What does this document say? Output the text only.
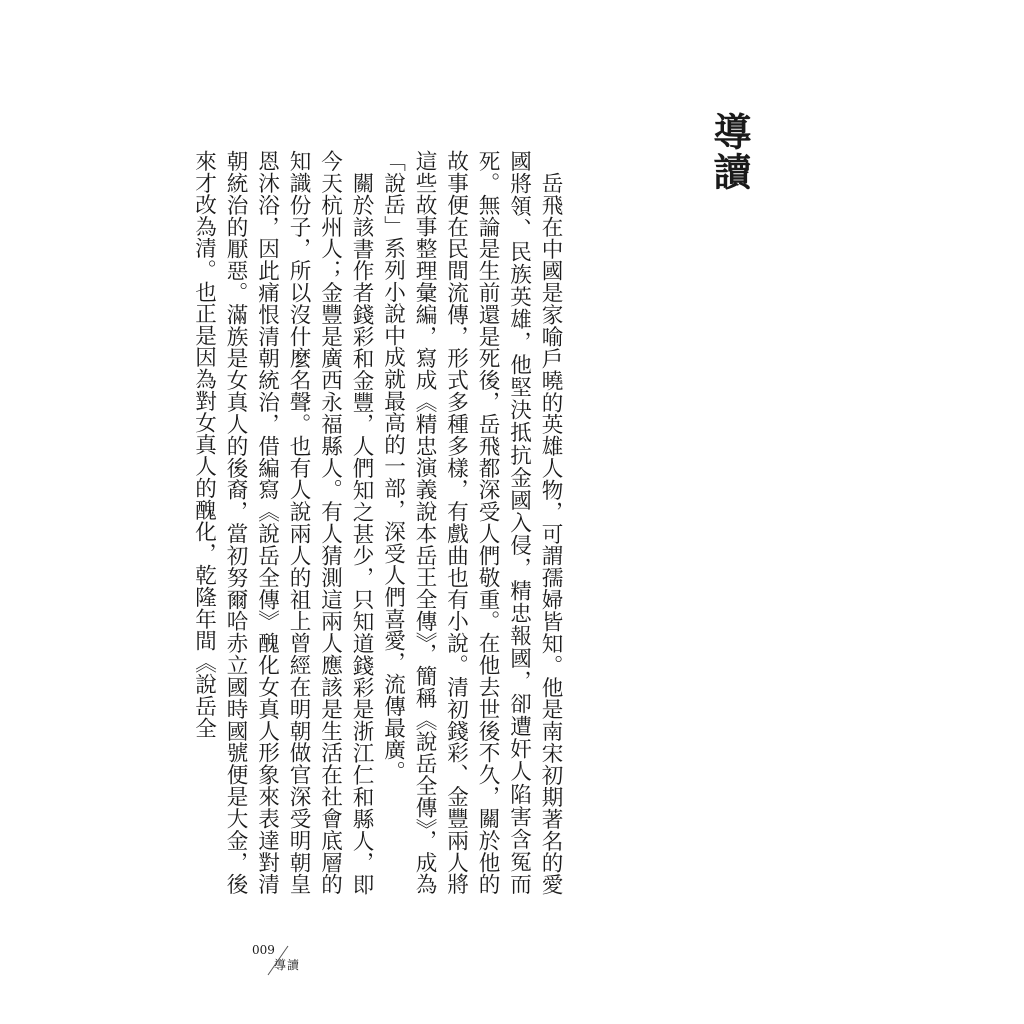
導讀

岳飛在中國是家喻戶曉的英雄人物，可謂孺婦皆知。他是南宋初期著名的愛國將領、民族英雄，他堅決抵抗金國入侵，精忠報國，卻遭奸人陷害含冤而死。無論是生前還是死後，岳飛都深受人們敬重。在他去世後不久，關於他的故事便在民間流傳，形式多種多樣，有戲曲也有小說。清初錢彩、金豐兩人將這些故事整理彙編，寫成《精忠演義說本岳王全傳》，簡稱《說岳全傳》，成為「說岳」系列小說中成就最高的一部，深受人們喜愛，流傳最廣。

關於該書作者錢彩和金豐，人們知之甚少，只知道錢彩是浙江仁和縣人，即今天杭州人；金豐是廣西永福縣人。有人猜測這兩人應該是生活在社會底層的知識份子，所以沒什麼名聲。也有人說兩人的祖上曾經在明朝做官深受明朝皇恩沐浴，因此痛恨清朝統治，借編寫《說岳全傳》醜化女真人形象來表達對清朝統治的厭惡。滿族是女真人的後裔，當初努爾哈赤立國時國號便是大金，後來才改為清。也正是因為對女真人的醜化，乾隆年間《說岳全

009
導讀
